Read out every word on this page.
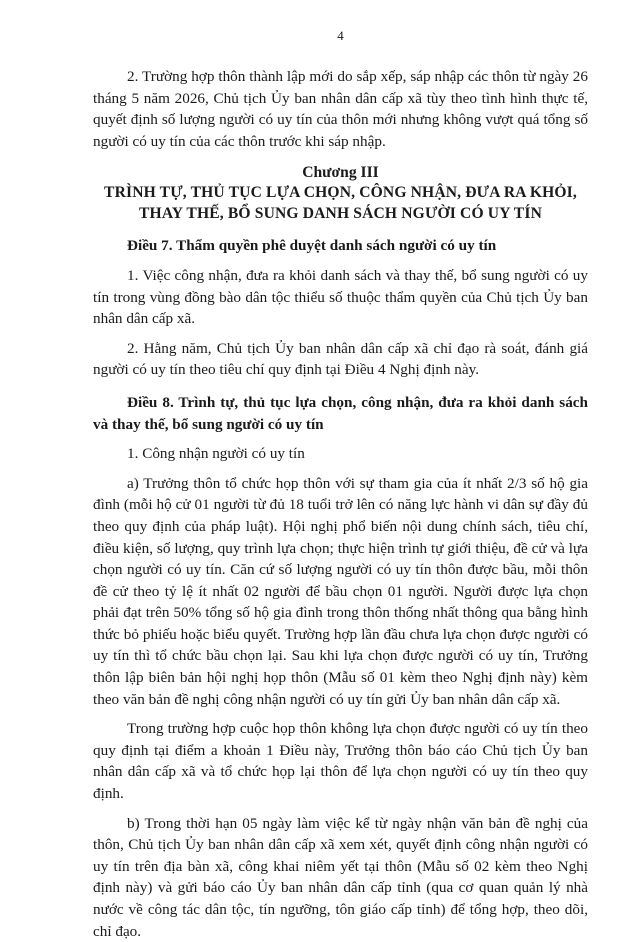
4

2. Trường hợp thôn thành lập mới do sắp xếp, sáp nhập các thôn từ ngày 26 tháng 5 năm 2026, Chủ tịch Ủy ban nhân dân cấp xã tùy theo tình hình thực tế, quyết định số lượng người có uy tín của thôn mới nhưng không vượt quá tổng số người có uy tín của các thôn trước khi sáp nhập.

Chương III
TRÌNH TỰ, THỦ TỤC LỰA CHỌN, CÔNG NHẬN, ĐƯA RA KHỎI,
THAY THẾ, BỔ SUNG DANH SÁCH NGƯỜI CÓ UY TÍN

Điều 7. Thẩm quyền phê duyệt danh sách người có uy tín

1. Việc công nhận, đưa ra khỏi danh sách và thay thế, bổ sung người có uy tín trong vùng đồng bào dân tộc thiểu số thuộc thẩm quyền của Chủ tịch Ủy ban nhân dân cấp xã.

2. Hằng năm, Chủ tịch Ủy ban nhân dân cấp xã chỉ đạo rà soát, đánh giá người có uy tín theo tiêu chí quy định tại Điều 4 Nghị định này.

Điều 8. Trình tự, thủ tục lựa chọn, công nhận, đưa ra khỏi danh sách và thay thế, bổ sung người có uy tín

1. Công nhận người có uy tín

a) Trưởng thôn tổ chức họp thôn với sự tham gia của ít nhất 2/3 số hộ gia đình (mỗi hộ cử 01 người từ đủ 18 tuổi trở lên có năng lực hành vi dân sự đầy đủ theo quy định của pháp luật). Hội nghị phổ biến nội dung chính sách, tiêu chí, điều kiện, số lượng, quy trình lựa chọn; thực hiện trình tự giới thiệu, đề cử và lựa chọn người có uy tín. Căn cứ số lượng người có uy tín thôn được bầu, mỗi thôn đề cử theo tỷ lệ ít nhất 02 người để bầu chọn 01 người. Người được lựa chọn phải đạt trên 50% tổng số hộ gia đình trong thôn thống nhất thông qua bằng hình thức bỏ phiếu hoặc biểu quyết. Trường hợp lần đầu chưa lựa chọn được người có uy tín thì tổ chức bầu chọn lại. Sau khi lựa chọn được người có uy tín, Trưởng thôn lập biên bản hội nghị họp thôn (Mẫu số 01 kèm theo Nghị định này) kèm theo văn bản đề nghị công nhận người có uy tín gửi Ủy ban nhân dân cấp xã.

Trong trường hợp cuộc họp thôn không lựa chọn được người có uy tín theo quy định tại điểm a khoản 1 Điều này, Trưởng thôn báo cáo Chủ tịch Ủy ban nhân dân cấp xã và tổ chức họp lại thôn để lựa chọn người có uy tín theo quy định.

b) Trong thời hạn 05 ngày làm việc kể từ ngày nhận văn bản đề nghị của thôn, Chủ tịch Ủy ban nhân dân cấp xã xem xét, quyết định công nhận người có uy tín trên địa bàn xã, công khai niêm yết tại thôn (Mẫu số 02 kèm theo Nghị định này) và gửi báo cáo Ủy ban nhân dân cấp tỉnh (qua cơ quan quản lý nhà nước về công tác dân tộc, tín ngưỡng, tôn giáo cấp tỉnh) để tổng hợp, theo dõi, chỉ đạo.
